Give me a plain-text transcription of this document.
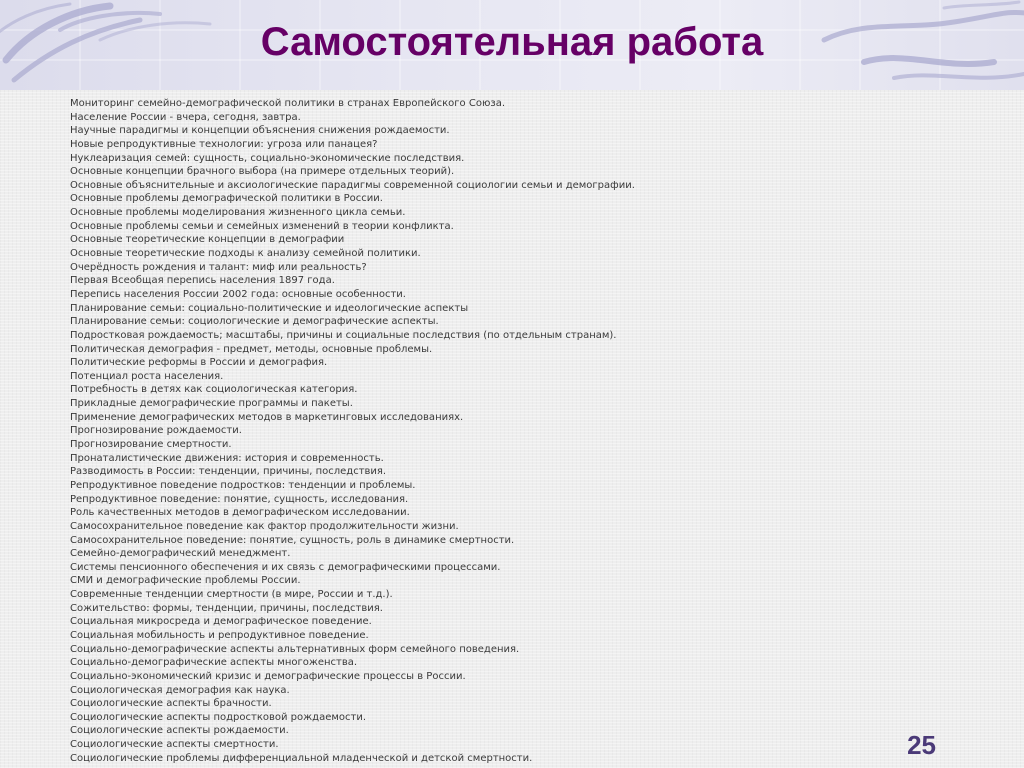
Самостоятельная работа
Мониторинг семейно-демографической политики в странах Европейского Союза.
Население России - вчера, сегодня, завтра.
Научные парадигмы и концепции объяснения снижения рождаемости.
Новые репродуктивные технологии: угроза или панацея?
Нуклеаризация семей: сущность, социально-экономические последствия.
Основные концепции брачного выбора (на примере отдельных теорий).
Основные объяснительные и аксиологические парадигмы современной социологии семьи и демографии.
Основные проблемы демографической политики в России.
Основные проблемы моделирования жизненного цикла семьи.
Основные проблемы семьи и семейных изменений в теории конфликта.
Основные теоретические концепции в демографии
Основные теоретические подходы к анализу семейной политики.
Очерёдность рождения и талант: миф или реальность?
Первая Всеобщая перепись населения 1897 года.
Перепись населения России 2002 года: основные особенности.
Планирование семьи: социально-политические и идеологические аспекты
Планирование семьи: социологические и демографические аспекты.
Подростковая рождаемость; масштабы, причины и социальные последствия (по отдельным странам).
Политическая демография - предмет, методы, основные проблемы.
Политические реформы в России и демография.
Потенциал роста населения.
Потребность в детях как социологическая категория.
Прикладные демографические программы и пакеты.
Применение демографических методов в маркетинговых исследованиях.
Прогнозирование рождаемости.
Прогнозирование смертности.
Пронаталистические движения: история и современность.
Разводимость в России: тенденции, причины, последствия.
Репродуктивное поведение подростков: тенденции и проблемы.
Репродуктивное поведение: понятие, сущность, исследования.
Роль качественных методов в демографическом исследовании.
Самосохранительное поведение как фактор продолжительности жизни.
Самосохранительное поведение: понятие, сущность, роль в динамике смертности.
Семейно-демографический менеджмент.
Системы пенсионного обеспечения и их связь с демографическими процессами.
СМИ и демографические проблемы России.
Современные тенденции смертности (в мире, России и т.д.).
Сожительство: формы, тенденции, причины, последствия.
Социальная микросреда и демографическое поведение.
Социальная мобильность и репродуктивное поведение.
Социально-демографические аспекты альтернативных форм семейного поведения.
Социально-демографические аспекты многоженства.
Социально-экономический кризис и демографические процессы в России.
Социологическая демография как наука.
Социологические аспекты брачности.
Социологические аспекты подростковой рождаемости.
Социологические аспекты рождаемости.
Социологические аспекты смертности.
Социологические проблемы дифференциальной младенческой и детской смертности.	25
